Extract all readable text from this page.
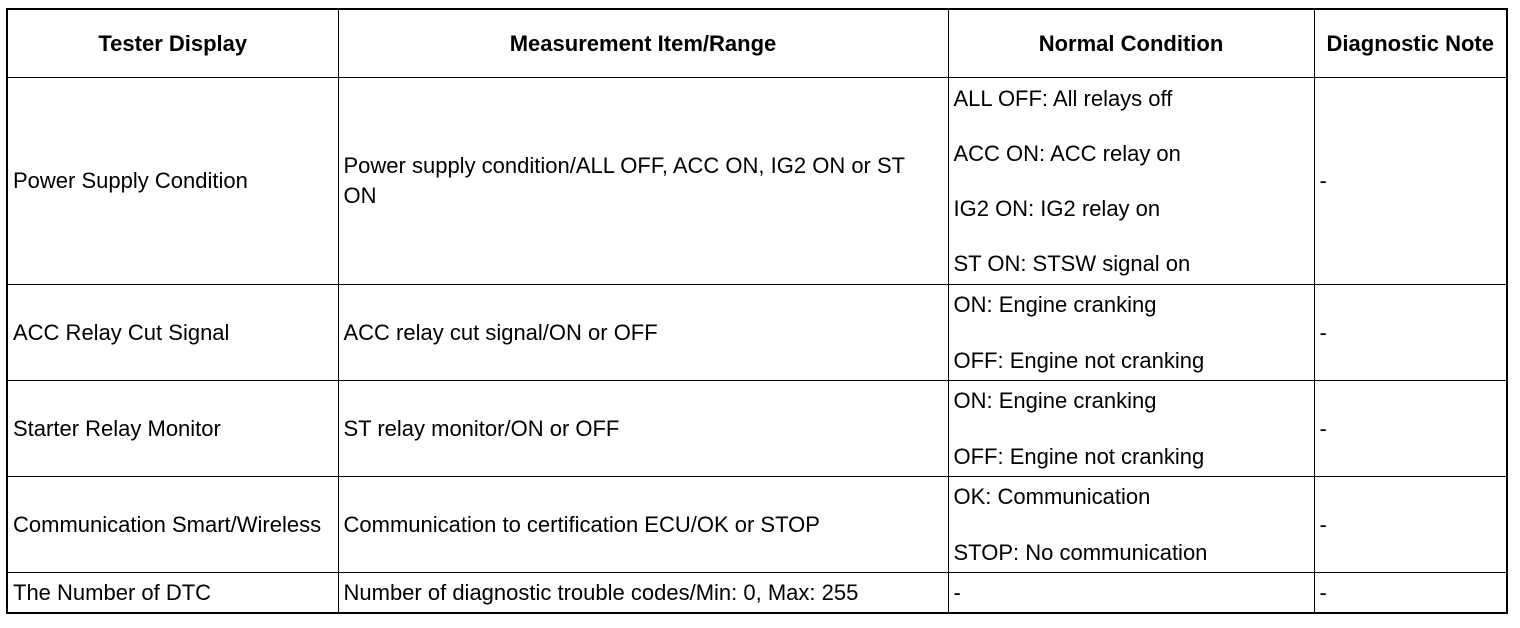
Tester Display	Measurement Item/Range	Normal Condition	Diagnostic Note
Power Supply Condition	Power supply condition/ALL OFF, ACC ON, IG2 ON or ST ON	ALL OFF: All relays off
ACC ON: ACC relay on
IG2 ON: IG2 relay on
ST ON: STSW signal on	-
ACC Relay Cut Signal	ACC relay cut signal/ON or OFF	ON: Engine cranking
OFF: Engine not cranking	-
Starter Relay Monitor	ST relay monitor/ON or OFF	ON: Engine cranking
OFF: Engine not cranking	-
Communication Smart/Wireless	Communication to certification ECU/OK or STOP	OK: Communication
STOP: No communication	-
The Number of DTC	Number of diagnostic trouble codes/Min: 0, Max: 255	-	-
